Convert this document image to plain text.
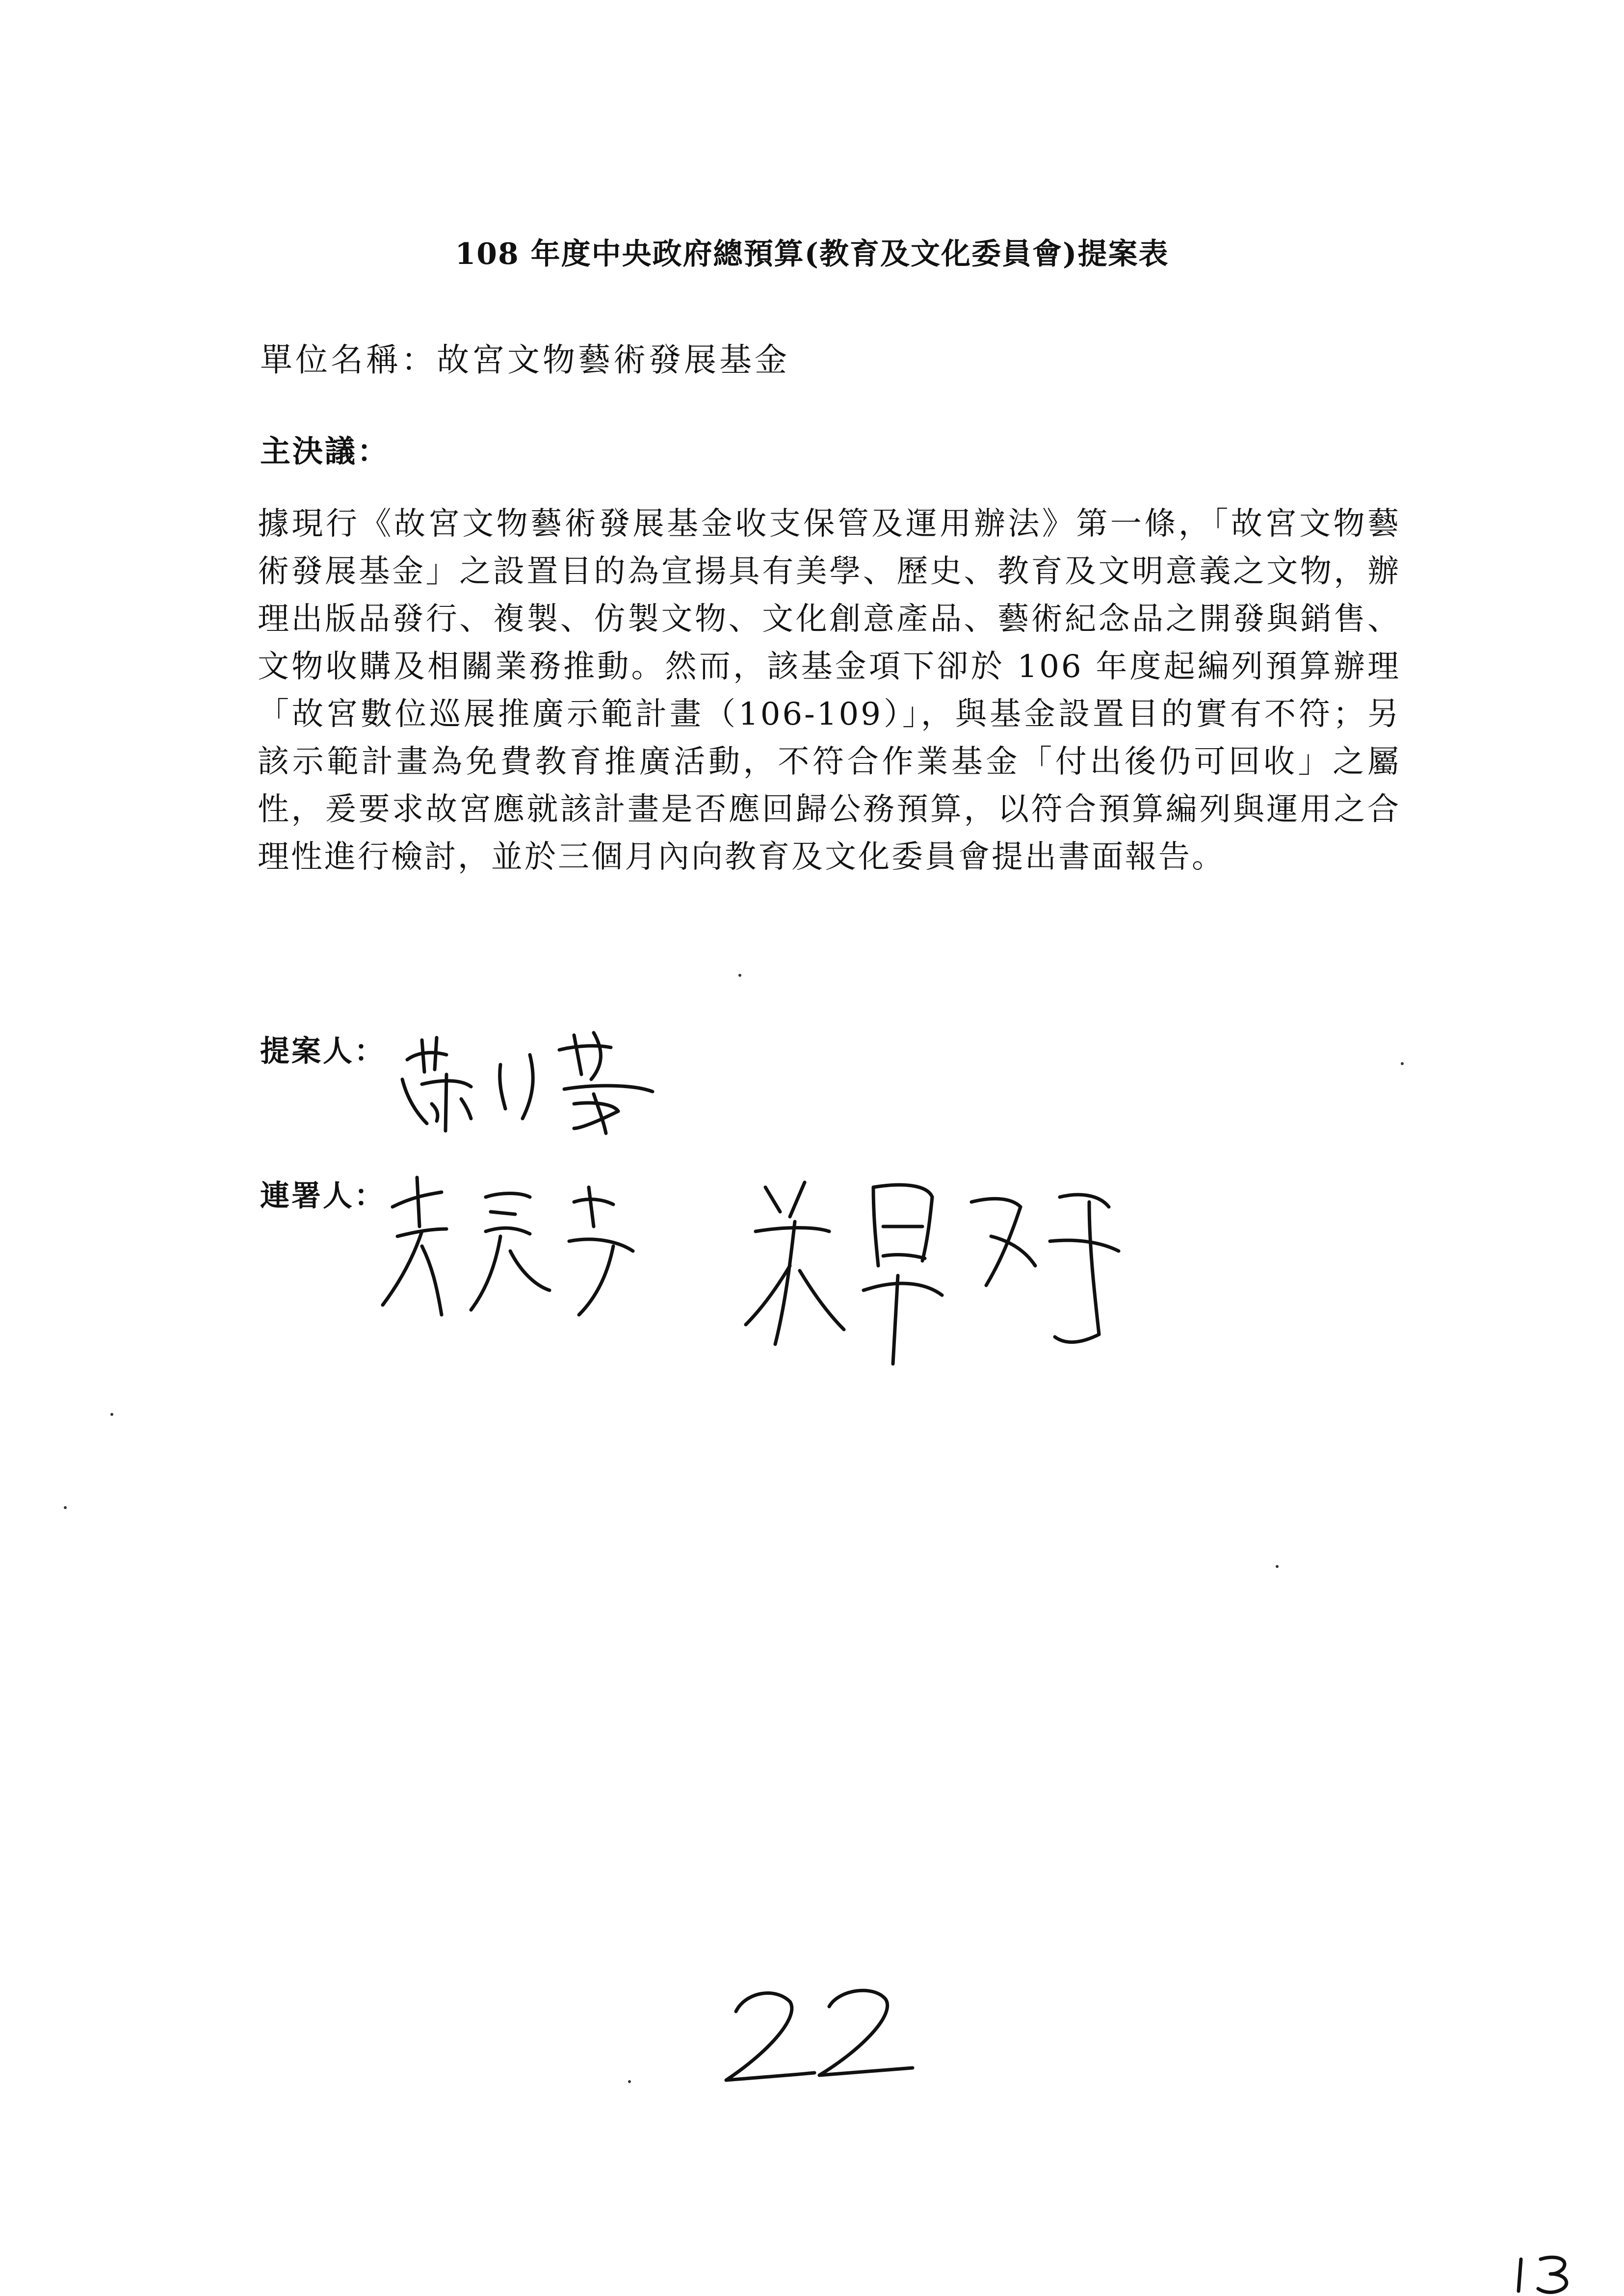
108 年度中央政府總預算(教育及文化委員會)提案表
單位名稱：故宮文物藝術發展基金
主決議：
據現行《故宮文物藝術發展基金收支保管及運用辦法》第一條，「故宮文物藝術發展基金」之設置目的為宣揚具有美學、歷史、教育及文明意義之文物，辦理出版品發行、複製、仿製文物、文化創意產品、藝術紀念品之開發與銷售、文物收購及相關業務推動。然而，該基金項下卻於 106 年度起編列預算辦理「故宮數位巡展推廣示範計畫（106-109）」，與基金設置目的實有不符；另該示範計畫為免費教育推廣活動，不符合作業基金「付出後仍可回收」之屬性，爰要求故宮應就該計畫是否應回歸公務預算，以符合預算編列與運用之合理性進行檢討，並於三個月內向教育及文化委員會提出書面報告。
提案人：
連署人：
